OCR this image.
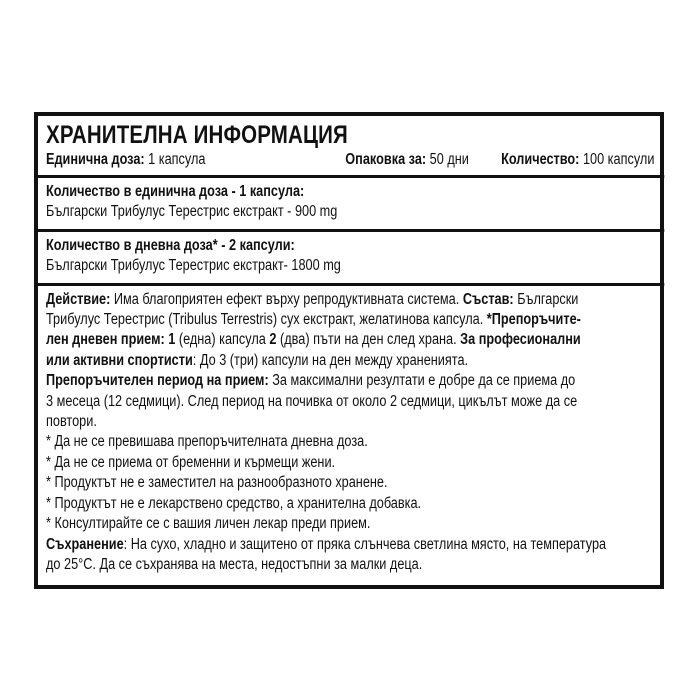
ХРАНИТЕЛНА ИНФОРМАЦИЯ
Единична доза: 1 капсула	Опаковка за: 50 дни	Количество: 100 капсули
Количество в единична доза - 1 капсула:
Български Трибулус Терестрис екстракт - 900 mg
Количество в дневна доза* - 2 капсули:
Български Трибулус Терестрис екстракт- 1800 mg
Действие: Има благоприятен ефект върху репродуктивната система. Състав: Български
Трибулус Терестрис (Tribulus Terrestris) сух екстракт, желатинова капсула. *Препоръчите-
лен дневен прием: 1 (една) капсула 2 (два) пъти на ден след храна. За професионални
или активни спортисти: До 3 (три) капсули на ден между храненията.
Препоръчителен период на прием: За максимални резултати е добре да се приема до
3 месеца (12 седмици). След период на почивка от около 2 седмици, цикълът може да се
повтори.
* Да не се превишава препоръчителната дневна доза.
* Да не се приема от бременни и кърмещи жени.
* Продуктът не е заместител на разнообразното хранене.
* Продуктът не е лекарствено средство, а хранителна добавка.
* Консултирайте се с вашия личен лекар преди прием.
Съхранение: На сухо, хладно и защитено от пряка слънчева светлина място, на температура
до 25°C. Да се съхранява на места, недостъпни за малки деца.
